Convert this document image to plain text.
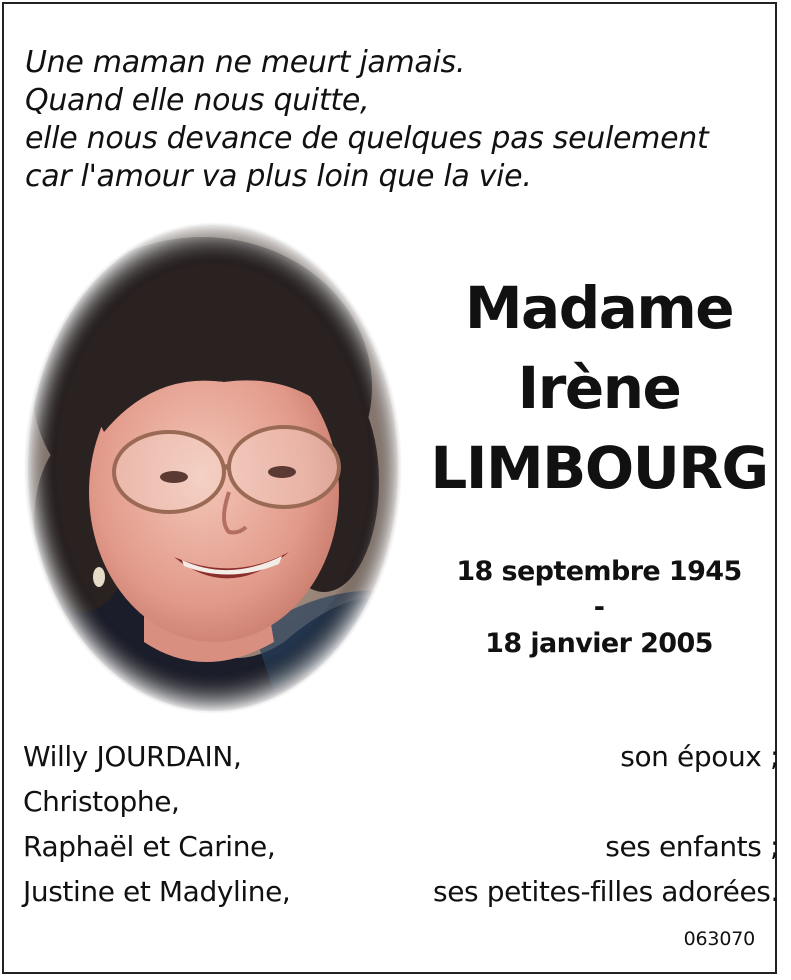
Une maman ne meurt jamais.
Quand elle nous quitte,
elle nous devance de quelques pas seulement
car l'amour va plus loin que la vie.
Madame
Irène
LIMBOURG
18 septembre 1945
-
18 janvier 2005
Willy JOURDAIN,	son époux ;
Christophe,
Raphaël et Carine,	ses enfants ;
Justine et Madyline,	ses petites-filles adorées.
063070
